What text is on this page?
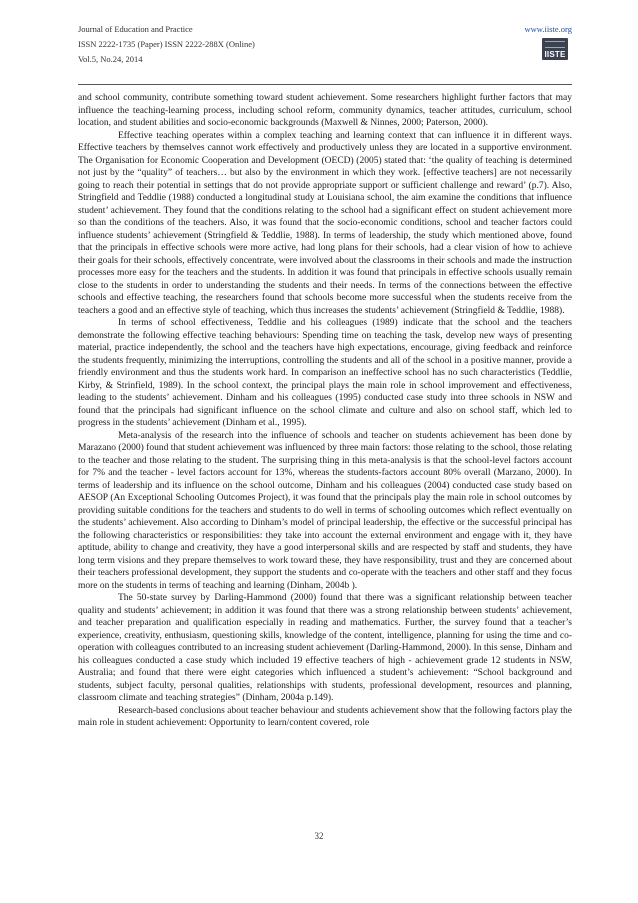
Journal of Education and Practice
ISSN 2222-1735 (Paper) ISSN 2222-288X (Online)
Vol.5, No.24, 2014
www.iiste.org
IISTE

and school community, contribute something toward student achievement. Some researchers highlight further factors that may influence the teaching-learning process, including school reform, community dynamics, teacher attitudes, curriculum, school location, and student abilities and socio-economic backgrounds (Maxwell & Ninnes, 2000; Paterson, 2000).

Effective teaching operates within a complex teaching and learning context that can influence it in different ways. Effective teachers by themselves cannot work effectively and productively unless they are located in a supportive environment. The Organisation for Economic Cooperation and Development (OECD) (2005) stated that: ‘the quality of teaching is determined not just by the “quality” of teachers… but also by the environment in which they work. [effective teachers] are not necessarily going to reach their potential in settings that do not provide appropriate support or sufficient challenge and reward’ (p.7). Also, Stringfield and Teddlie (1988) conducted a longitudinal study at Louisiana school, the aim examine the conditions that influence student’ achievement. They found that the conditions relating to the school had a significant effect on student achievement more so than the conditions of the teachers. Also, it was found that the socio-economic conditions, school and teacher factors could influence students’ achievement (Stringfield & Teddlie, 1988). In terms of leadership, the study which mentioned above, found that the principals in effective schools were more active, had long plans for their schools, had a clear vision of how to achieve their goals for their schools, effectively concentrate, were involved about the classrooms in their schools and made the instruction processes more easy for the teachers and the students. In addition it was found that principals in effective schools usually remain close to the students in order to understanding the students and their needs. In terms of the connections between the effective schools and effective teaching, the researchers found that schools become more successful when the students receive from the teachers a good and an effective style of teaching, which thus increases the students’ achievement (Stringfield & Teddlie, 1988).

In terms of school effectiveness, Teddlie and his colleagues (1989) indicate that the school and the teachers demonstrate the following effective teaching behaviours: Spending time on teaching the task, develop new ways of presenting material, practice independently, the school and the teachers have high expectations, encourage, giving feedback and reinforce the students frequently, minimizing the interruptions, controlling the students and all of the school in a positive manner, provide a friendly environment and thus the students work hard. In comparison an ineffective school has no such characteristics (Teddlie, Kirby, & Strinfield, 1989). In the school context, the principal plays the main role in school improvement and effectiveness, leading to the students’ achievement. Dinham and his colleagues (1995) conducted case study into three schools in NSW and found that the principals had significant influence on the school climate and culture and also on school staff, which led to progress in the students’ achievement (Dinham et al., 1995).

Meta-analysis of the research into the influence of schools and teacher on students achievement has been done by Marazano (2000) found that student achievement was influenced by three main factors: those relating to the school, those relating to the teacher and those relating to the student. The surprising thing in this meta-analysis is that the school-level factors account for 7% and the teacher - level factors account for 13%, whereas the students-factors account 80% overall (Marzano, 2000). In terms of leadership and its influence on the school outcome, Dinham and his colleagues (2004) conducted case study based on AESOP (An Exceptional Schooling Outcomes Project), it was found that the principals play the main role in school outcomes by providing suitable conditions for the teachers and students to do well in terms of schooling outcomes which reflect eventually on the students’ achievement. Also according to Dinham’s model of principal leadership, the effective or the successful principal has the following characteristics or responsibilities: they take into account the external environment and engage with it, they have aptitude, ability to change and creativity, they have a good interpersonal skills and are respected by staff and students, they have long term visions and they prepare themselves to work toward these, they have responsibility, trust and they are concerned about their teachers professional development, they support the students and co-operate with the teachers and other staff and they focus more on the students in terms of teaching and learning (Dinham, 2004b ).

The 50-state survey by Darling-Hammond (2000) found that there was a significant relationship between teacher quality and students’ achievement; in addition it was found that there was a strong relationship between students’ achievement, and teacher preparation and qualification especially in reading and mathematics. Further, the survey found that a teacher’s experience, creativity, enthusiasm, questioning skills, knowledge of the content, intelligence, planning for using the time and co-operation with colleagues contributed to an increasing student achievement (Darling-Hammond, 2000). In this sense, Dinham and his colleagues conducted a case study which included 19 effective teachers of high - achievement grade 12 students in NSW, Australia; and found that there were eight categories which influenced a student’s achievement: “School background and students, subject faculty, personal qualities, relationships with students, professional development, resources and planning, classroom climate and teaching strategies” (Dinham, 2004a p.149).

Research-based conclusions about teacher behaviour and students achievement show that the following factors play the main role in student achievement: Opportunity to learn/content covered, role

32
